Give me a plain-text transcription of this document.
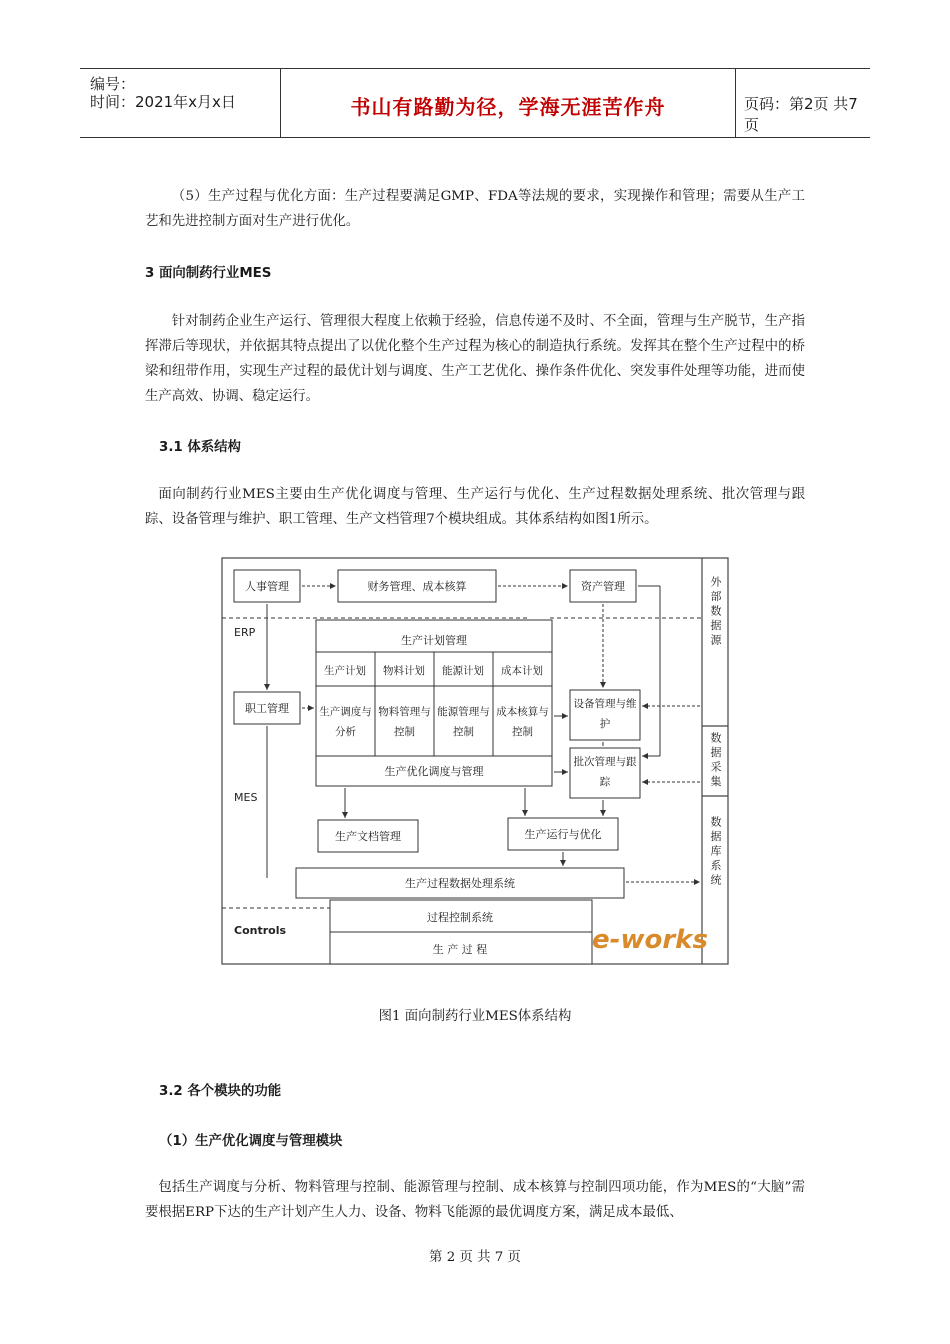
编号：
时间：2021年x月x日	书山有路勤为径，学海无涯苦作舟	页码：第2页 共7页
（5）生产过程与优化方面：生产过程要满足GMP、FDA等法规的要求，实现操作和管理；需要从生产工艺和先进控制方面对生产进行优化。
3 面向制药行业MES
针对制药企业生产运行、管理很大程度上依赖于经验，信息传递不及时、不全面，管理与生产脱节，生产指挥滞后等现状，并依据其特点提出了以优化整个生产过程为核心的制造执行系统。发挥其在整个生产过程中的桥梁和纽带作用，实现生产过程的最优计划与调度、生产工艺优化、操作条件优化、突发事件处理等功能，进而使生产高效、协调、稳定运行。
3.1 体系结构
面向制药行业MES主要由生产优化调度与管理、生产运行与优化、生产过程数据处理系统、批次管理与跟踪、设备管理与维护、职工管理、生产文档管理7个模块组成。其体系结构如图1所示。
人事管理	财务管理、成本核算	资产管理
ERP
生产计划管理
生产计划 物料计划 能源计划 成本计划
生产调度与分析
物料管理与控制
能源管理与控制
成本核算与控制
生产优化调度与管理
职工管理
MES
设备管理与维护
批次管理与跟踪
生产文档管理	生产运行与优化
生产过程数据处理系统
Controls
过程控制系统
生 产 过 程	e-works
外 部 数 据 源
数 据 采 集
数 据 库 系 统
图1 面向制药行业MES体系结构
3.2 各个模块的功能
（1）生产优化调度与管理模块
包括生产调度与分析、物料管理与控制、能源管理与控制、成本核算与控制四项功能，作为MES的“大脑”需要根据ERP下达的生产计划产生人力、设备、物料飞能源的最优调度方案，满足成本最低、
第 2 页 共 7 页
